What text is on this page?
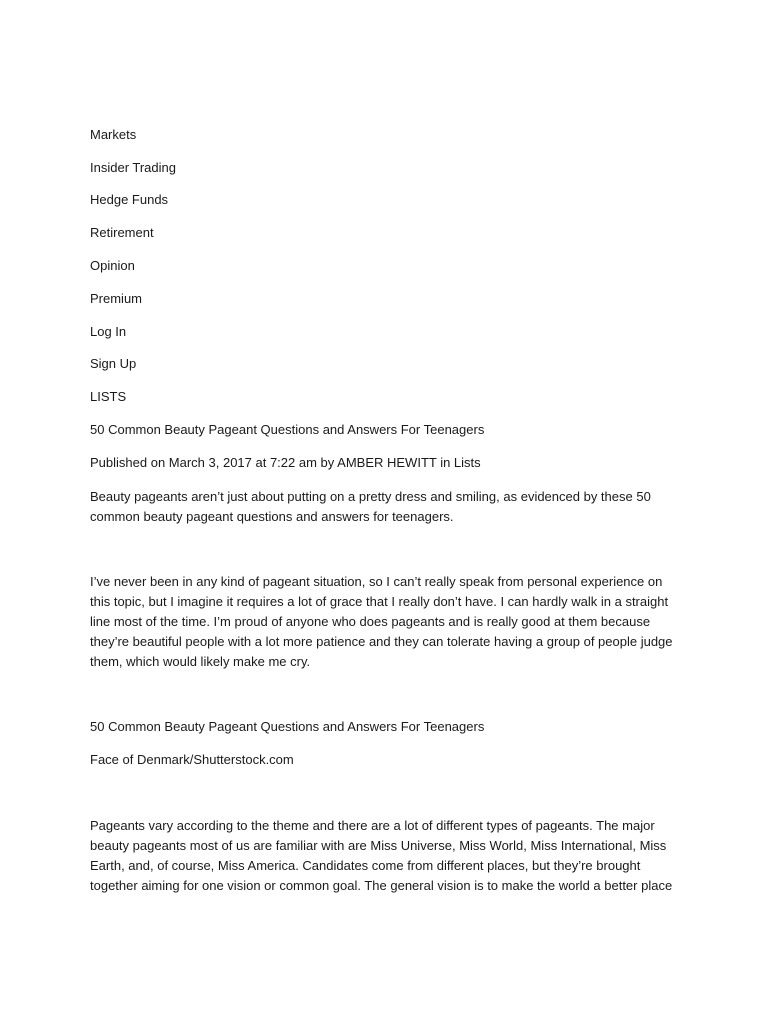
Markets
Insider Trading
Hedge Funds
Retirement
Opinion
Premium
Log In
Sign Up
LISTS
50 Common Beauty Pageant Questions and Answers For Teenagers
Published on March 3, 2017 at 7:22 am by AMBER HEWITT in Lists
Beauty pageants aren’t just about putting on a pretty dress and smiling, as evidenced by these 50 common beauty pageant questions and answers for teenagers.
I’ve never been in any kind of pageant situation, so I can’t really speak from personal experience on this topic, but I imagine it requires a lot of grace that I really don’t have. I can hardly walk in a straight line most of the time. I’m proud of anyone who does pageants and is really good at them because they’re beautiful people with a lot more patience and they can tolerate having a group of people judge them, which would likely make me cry.
50 Common Beauty Pageant Questions and Answers For Teenagers
Face of Denmark/Shutterstock.com
Pageants vary according to the theme and there are a lot of different types of pageants. The major beauty pageants most of us are familiar with are Miss Universe, Miss World, Miss International, Miss Earth, and, of course, Miss America. Candidates come from different places, but they’re brought together aiming for one vision or common goal. The general vision is to make the world a better place
